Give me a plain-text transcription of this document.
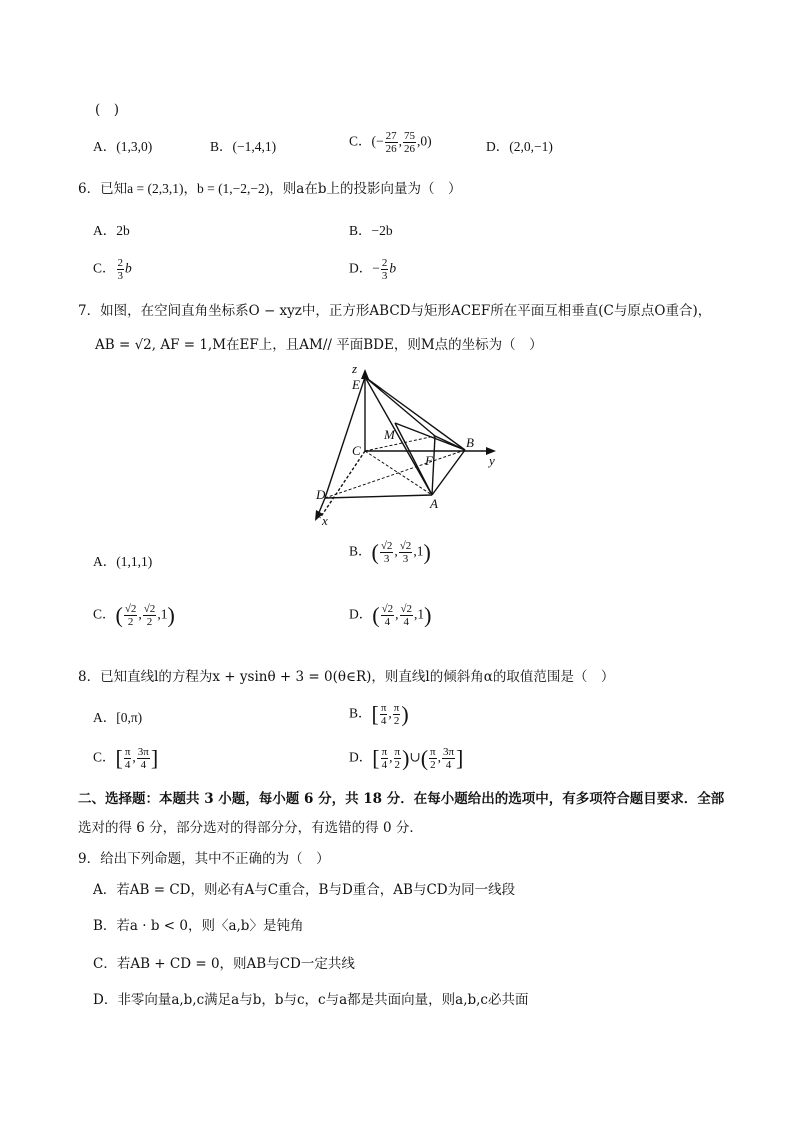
(　)
A．(1,3,0)	B．(−1,4,1)	C．(− $\frac{27}{26}$ , $\frac{75}{26} ,0$)	D．(2,0,−1)
6．已知a = (2,3,1)，b = (1,−2,−2)，则a在b上的投影向量为（　）
A．2b	B．−2b
C． $\frac{2}{3}$ b	D．− $\frac{2}{3}$ b
7．如图，在空间直角坐标系O − xyz中，正方形ABCD与矩形ACEF所在平面互相垂直(C与原点O重合)，
AB = √2, AF = 1,M在EF上，且AM// 平面BDE，则M点的坐标为（　）
z
E
M
B
y
C
F
D
A
x
A．(1,1,1)
B．( $\frac{√2}{3}$ , $\frac{√2}{3} ,1$)
C．( $\frac{√2}{2}$ , $\frac{√2}{2} ,1$)	D．( $\frac{√2}{4}$ , $\frac{√2}{4} ,1$)
8．已知直线l的方程为x + ysinθ + 3 = 0(θ∈R)，则直线l的倾斜角α的取值范围是（　）
A．[0,π)	B．[ $\frac{\pi}{4}$ , $\frac{\pi}{2}$ )
C．[ $\frac{\pi}{4}$ , $\frac{3\pi}{4}$ ]	D．[ $\frac{\pi}{4}$ , $\frac{\pi}{2}$ )∪( $\frac{\pi}{2}$ , $\frac{3\pi}{4}$ ]
二、选择题：本题共 3 小题，每小题 6 分，共 18 分．在每小题给出的选项中，有多项符合题目要求．全部
选对的得 6 分，部分选对的得部分分，有选错的得 0 分．
9．给出下列命题，其中不正确的为（　）
A．若AB = CD，则必有A与C重合，B与D重合，AB与CD为同一线段
B．若a · b < 0，则〈a,b〉是钝角
C．若AB + CD = 0，则AB与CD一定共线
D．非零向量a,b,c满足a与b，b与c，c与a都是共面向量，则a,b,c必共面
